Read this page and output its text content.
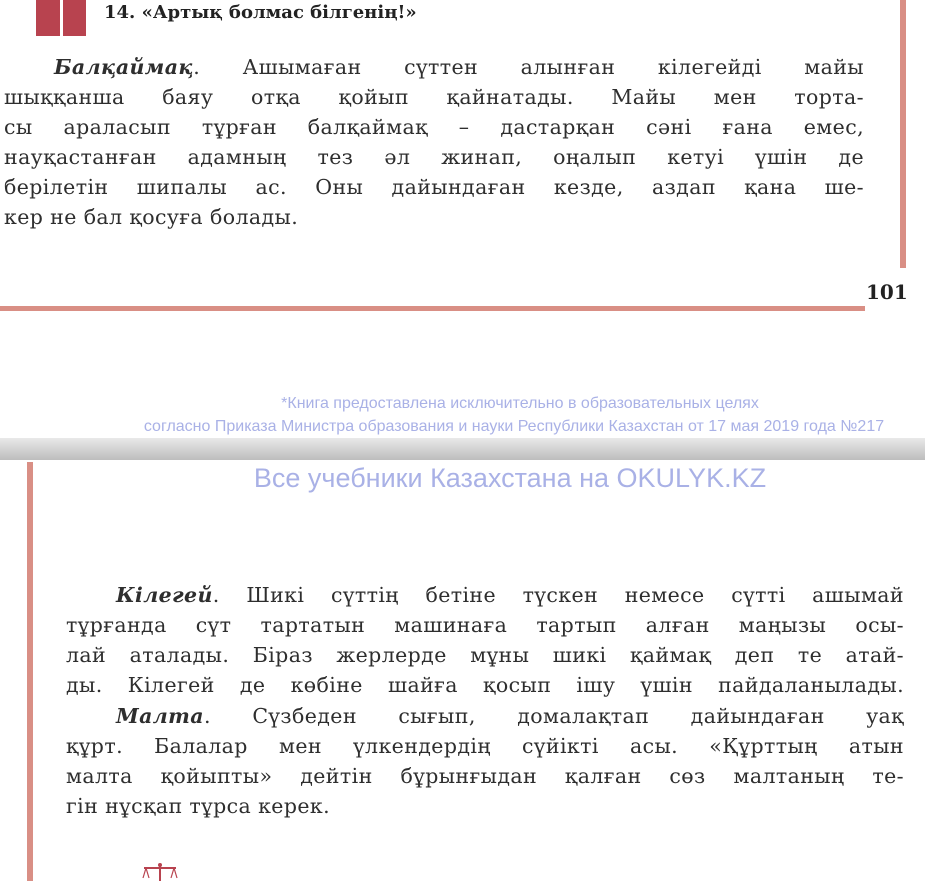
14. «Артық болмас білгенің!»

Балқаймақ. Ашымаған сүттен алынған кілегейді майы
шыққанша баяу отқа қойып қайнатады. Майы мен торта-
сы араласып тұрған балқаймақ – дастарқан сәні ғана емес,
науқастанған адамның тез әл жинап, оңалып кетуі үшін де
берілетін шипалы ас. Оны дайындаған кезде, аздап қана ше-
кер не бал қосуға болады.

101
*Книга предоставлена исключительно в образовательных целях
согласно Приказа Министра образования и науки Республики Казахстан от 17 мая 2019 года №217
Все учебники Казахстана на OKULYK.KZ

Кілегей. Шикі сүттің бетіне түскен немесе сүтті ашымай
тұрғанда сүт тартатын машинаға тартып алған маңызы осы-
лай аталады. Біраз жерлерде мұны шикі қаймақ деп те атай-
ды. Кілегей де көбіне шайға қосып ішу үшін пайдаланылады.

Малта. Сүзбеден сығып, домалақтап дайындаған уақ
құрт. Балалар мен үлкендердің сүйікті асы. «Құрттың атын
малта қойыпты» дейтін бұрынғыдан қалған сөз малтаның те-
гін нұсқап тұрса керек.
